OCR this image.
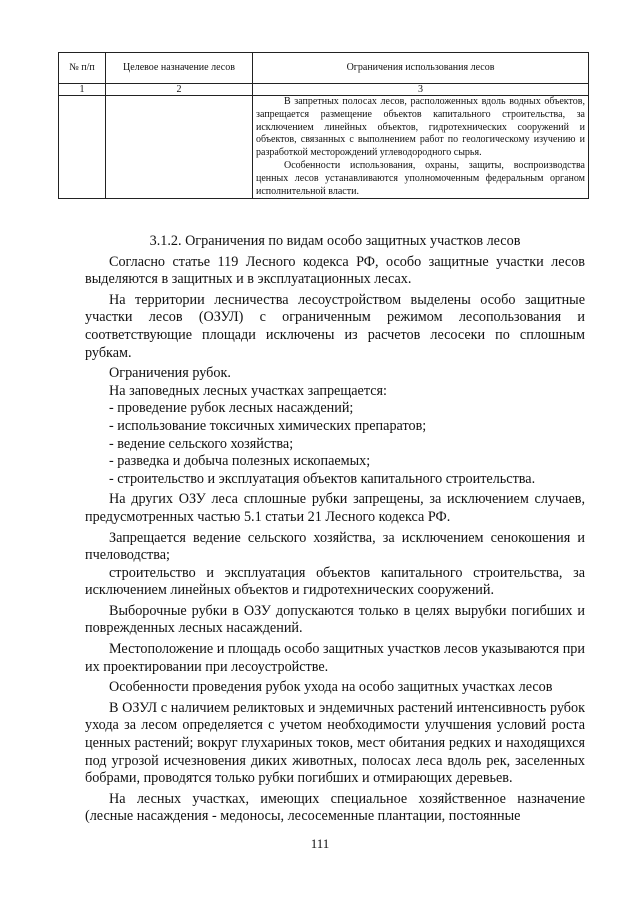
№ п/п	Целевое назначение лесов	Ограничения использования лесов
1	2	3

		В запретных полосах лесов, расположенных вдоль водных объектов, запрещается размещение объектов капитального строительства, за исключением линейных объектов, гидротехнических сооружений и объектов, связанных с выполнением работ по геологическому изучению и разработкой месторождений углеводородного сырья.

Особенности использования, охраны, защиты, воспроизводства ценных лесов устанавливаются уполномоченным федеральным органом исполнительной власти.

3.1.2. Ограничения по видам особо защитных участков лесов

Согласно статье 119 Лесного кодекса РФ, особо защитные участки лесов выделяются в защитных и в эксплуатационных лесах.

На территории лесничества лесоустройством выделены особо защитные участки лесов (ОЗУЛ) с ограниченным режимом лесопользования и соответствующие площади исключены из расчетов лесосеки по сплошным рубкам.

Ограничения рубок.

На заповедных лесных участках запрещается:

- проведение рубок лесных насаждений;

- использование токсичных химических препаратов;

- ведение сельского хозяйства;

- разведка и добыча полезных ископаемых;

- строительство и эксплуатация объектов капитального строительства.

На других ОЗУ леса сплошные рубки запрещены, за исключением случаев, предусмотренных частью 5.1 статьи 21 Лесного кодекса РФ.

Запрещается ведение сельского хозяйства, за исключением сенокошения и пчеловодства;

строительство и эксплуатация объектов капитального строительства, за исключением линейных объектов и гидротехнических сооружений.

Выборочные рубки в ОЗУ допускаются только в целях вырубки погибших и поврежденных лесных насаждений.

Местоположение и площадь особо защитных участков лесов указываются при их проектировании при лесоустройстве.

Особенности проведения рубок ухода на особо защитных участках лесов

В ОЗУЛ с наличием реликтовых и эндемичных растений интенсивность рубок ухода за лесом определяется с учетом необходимости улучшения условий роста ценных растений; вокруг глухариных токов, мест обитания редких и находящихся под угрозой исчезновения диких животных, полосах леса вдоль рек, заселенных бобрами, проводятся только рубки погибших и отмирающих деревьев.

На лесных участках, имеющих специальное хозяйственное назначение (лесные насаждения - медоносы, лесосеменные плантации, постоянные

111
